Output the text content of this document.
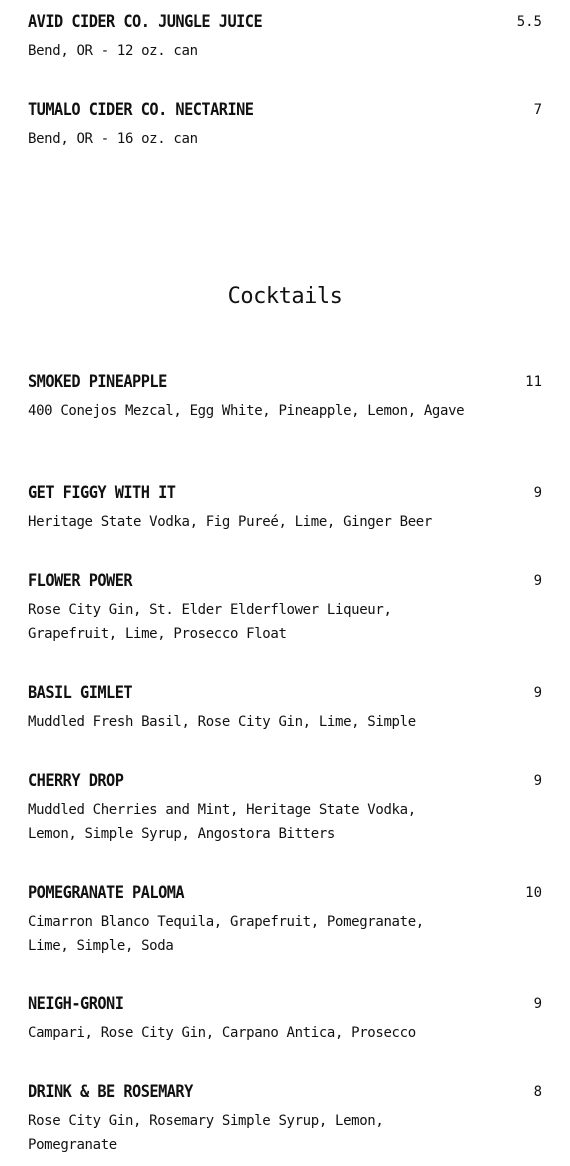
AVID CIDER CO. JUNGLE JUICE	5.5
Bend, OR - 12 oz. can
TUMALO CIDER CO. NECTARINE	7
Bend, OR - 16 oz. can
Cocktails
SMOKED PINEAPPLE	11
400 Conejos Mezcal, Egg White, Pineapple, Lemon, Agave
GET FIGGY WITH IT	9
Heritage State Vodka, Fig Pureé, Lime, Ginger Beer
FLOWER POWER	9
Rose City Gin, St. Elder Elderflower Liqueur, Grapefruit, Lime, Prosecco Float
BASIL GIMLET	9
Muddled Fresh Basil, Rose City Gin, Lime, Simple
CHERRY DROP	9
Muddled Cherries and Mint, Heritage State Vodka, Lemon, Simple Syrup, Angostora Bitters
POMEGRANATE PALOMA	10
Cimarron Blanco Tequila, Grapefruit, Pomegranate, Lime, Simple, Soda
NEIGH-GRONI	9
Campari, Rose City Gin, Carpano Antica, Prosecco
DRINK & BE ROSEMARY	8
Rose City Gin, Rosemary Simple Syrup, Lemon, Pomegranate
